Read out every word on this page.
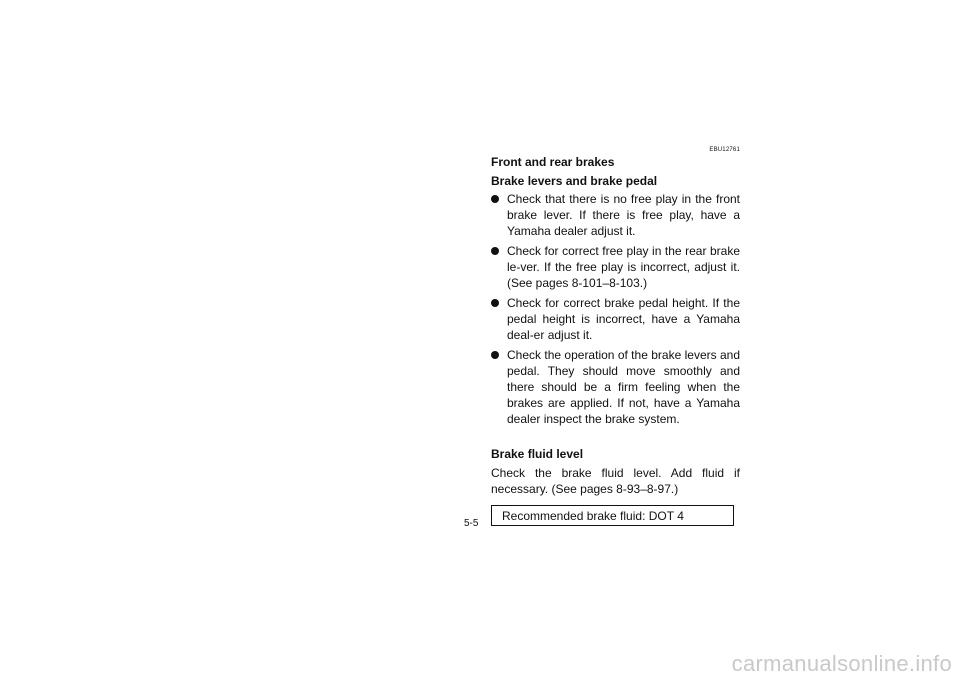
EBU12761
Front and rear brakes
Brake levers and brake pedal
Check that there is no free play in the front brake lever. If there is free play, have a Yamaha dealer adjust it.
Check for correct free play in the rear brake le-ver. If the free play is incorrect, adjust it. (See pages 8-101–8-103.)
Check for correct brake pedal height. If the pedal height is incorrect, have a Yamaha deal-er adjust it.
Check the operation of the brake levers and pedal. They should move smoothly and there should be a firm feeling when the brakes are applied. If not, have a Yamaha dealer inspect the brake system.
Brake fluid level
Check the brake fluid level. Add fluid if necessary. (See pages 8-93–8-97.)
Recommended brake fluid: DOT 4
5-5
carmanualsonline.info
